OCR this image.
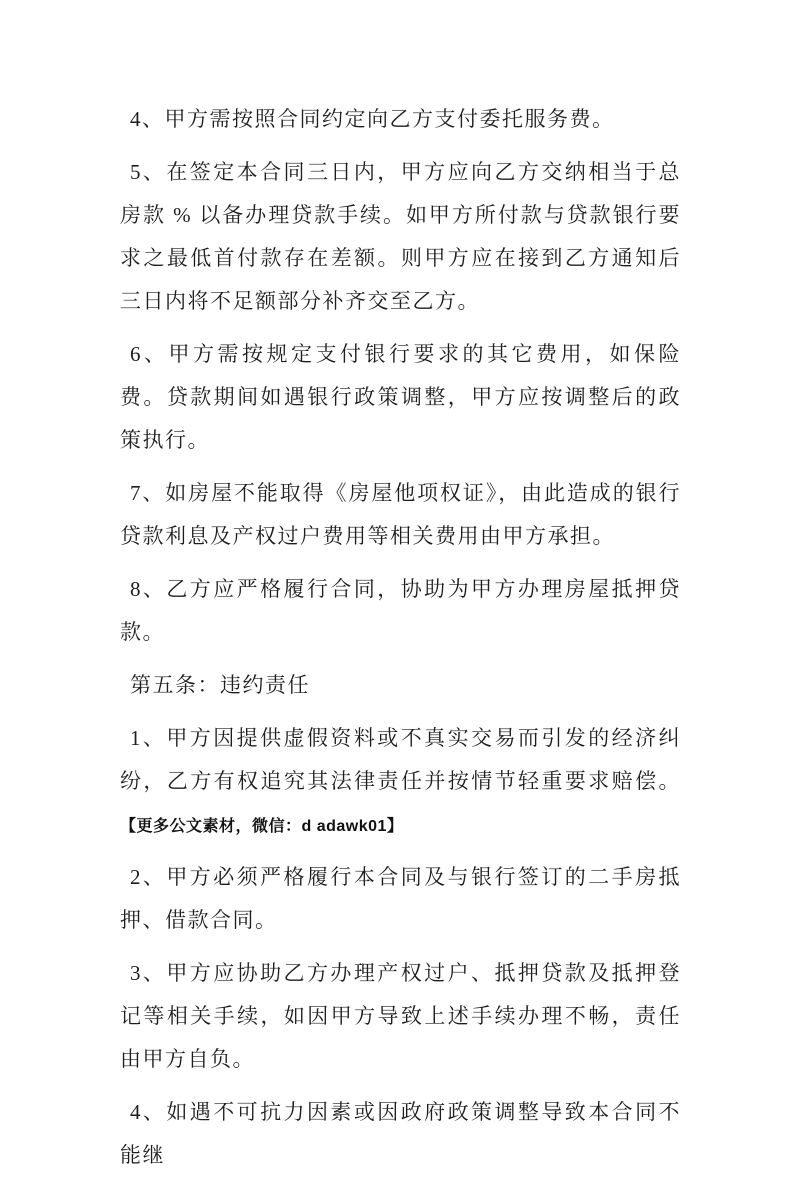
4、甲方需按照合同约定向乙方支付委托服务费。

5、在签定本合同三日内，甲方应向乙方交纳相当于总房款 % 以备办理贷款手续。如甲方所付款与贷款银行要求之最低首付款存在差额。则甲方应在接到乙方通知后三日内将不足额部分补齐交至乙方。

6、甲方需按规定支付银行要求的其它费用，如保险费。贷款期间如遇银行政策调整，甲方应按调整后的政策执行。

7、如房屋不能取得《房屋他项权证》，由此造成的银行贷款利息及产权过户费用等相关费用由甲方承担。

8、乙方应严格履行合同，协助为甲方办理房屋抵押贷款。

第五条：违约责任

1、甲方因提供虚假资料或不真实交易而引发的经济纠纷，乙方有权追究其法律责任并按情节轻重要求赔偿。【更多公文素材，微信：d adawk01】

2、甲方必须严格履行本合同及与银行签订的二手房抵押、借款合同。

3、甲方应协助乙方办理产权过户、抵押贷款及抵押登记等相关手续，如因甲方导致上述手续办理不畅，责任由甲方自负。

4、如遇不可抗力因素或因政府政策调整导致本合同不能继
